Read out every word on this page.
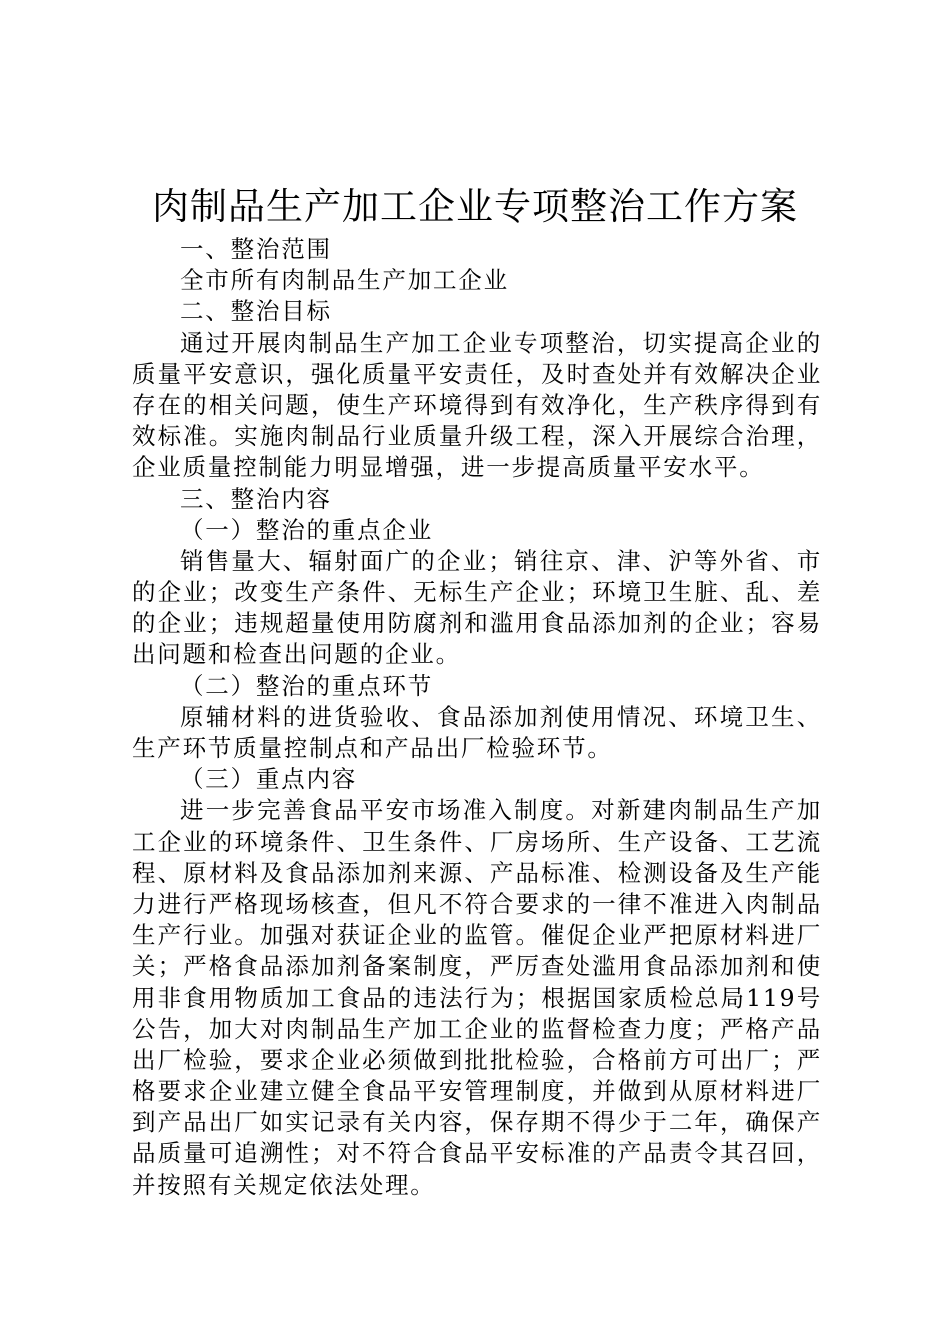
肉制品生产加工企业专项整治工作方案
一、整治范围
全市所有肉制品生产加工企业
二、整治目标
通过开展肉制品生产加工企业专项整治，切实提高企业的
质量平安意识，强化质量平安责任，及时查处并有效解决企业
存在的相关问题，使生产环境得到有效净化，生产秩序得到有
效标准。实施肉制品行业质量升级工程，深入开展综合治理，
企业质量控制能力明显增强，进一步提高质量平安水平。
三、整治内容
（一）整治的重点企业
销售量大、辐射面广的企业；销往京、津、沪等外省、市
的企业；改变生产条件、无标生产企业；环境卫生脏、乱、差
的企业；违规超量使用防腐剂和滥用食品添加剂的企业；容易
出问题和检查出问题的企业。
（二）整治的重点环节
原辅材料的进货验收、食品添加剂使用情况、环境卫生、
生产环节质量控制点和产品出厂检验环节。
（三）重点内容
进一步完善食品平安市场准入制度。对新建肉制品生产加
工企业的环境条件、卫生条件、厂房场所、生产设备、工艺流
程、原材料及食品添加剂来源、产品标准、检测设备及生产能
力进行严格现场核查，但凡不符合要求的一律不准进入肉制品
生产行业。加强对获证企业的监管。催促企业严把原材料进厂
关；严格食品添加剂备案制度，严厉查处滥用食品添加剂和使
用非食用物质加工食品的违法行为；根据国家质检总局119号
公告，加大对肉制品生产加工企业的监督检查力度；严格产品
出厂检验，要求企业必须做到批批检验，合格前方可出厂；严
格要求企业建立健全食品平安管理制度，并做到从原材料进厂
到产品出厂如实记录有关内容，保存期不得少于二年，确保产
品质量可追溯性；对不符合食品平安标准的产品责令其召回，
并按照有关规定依法处理。
